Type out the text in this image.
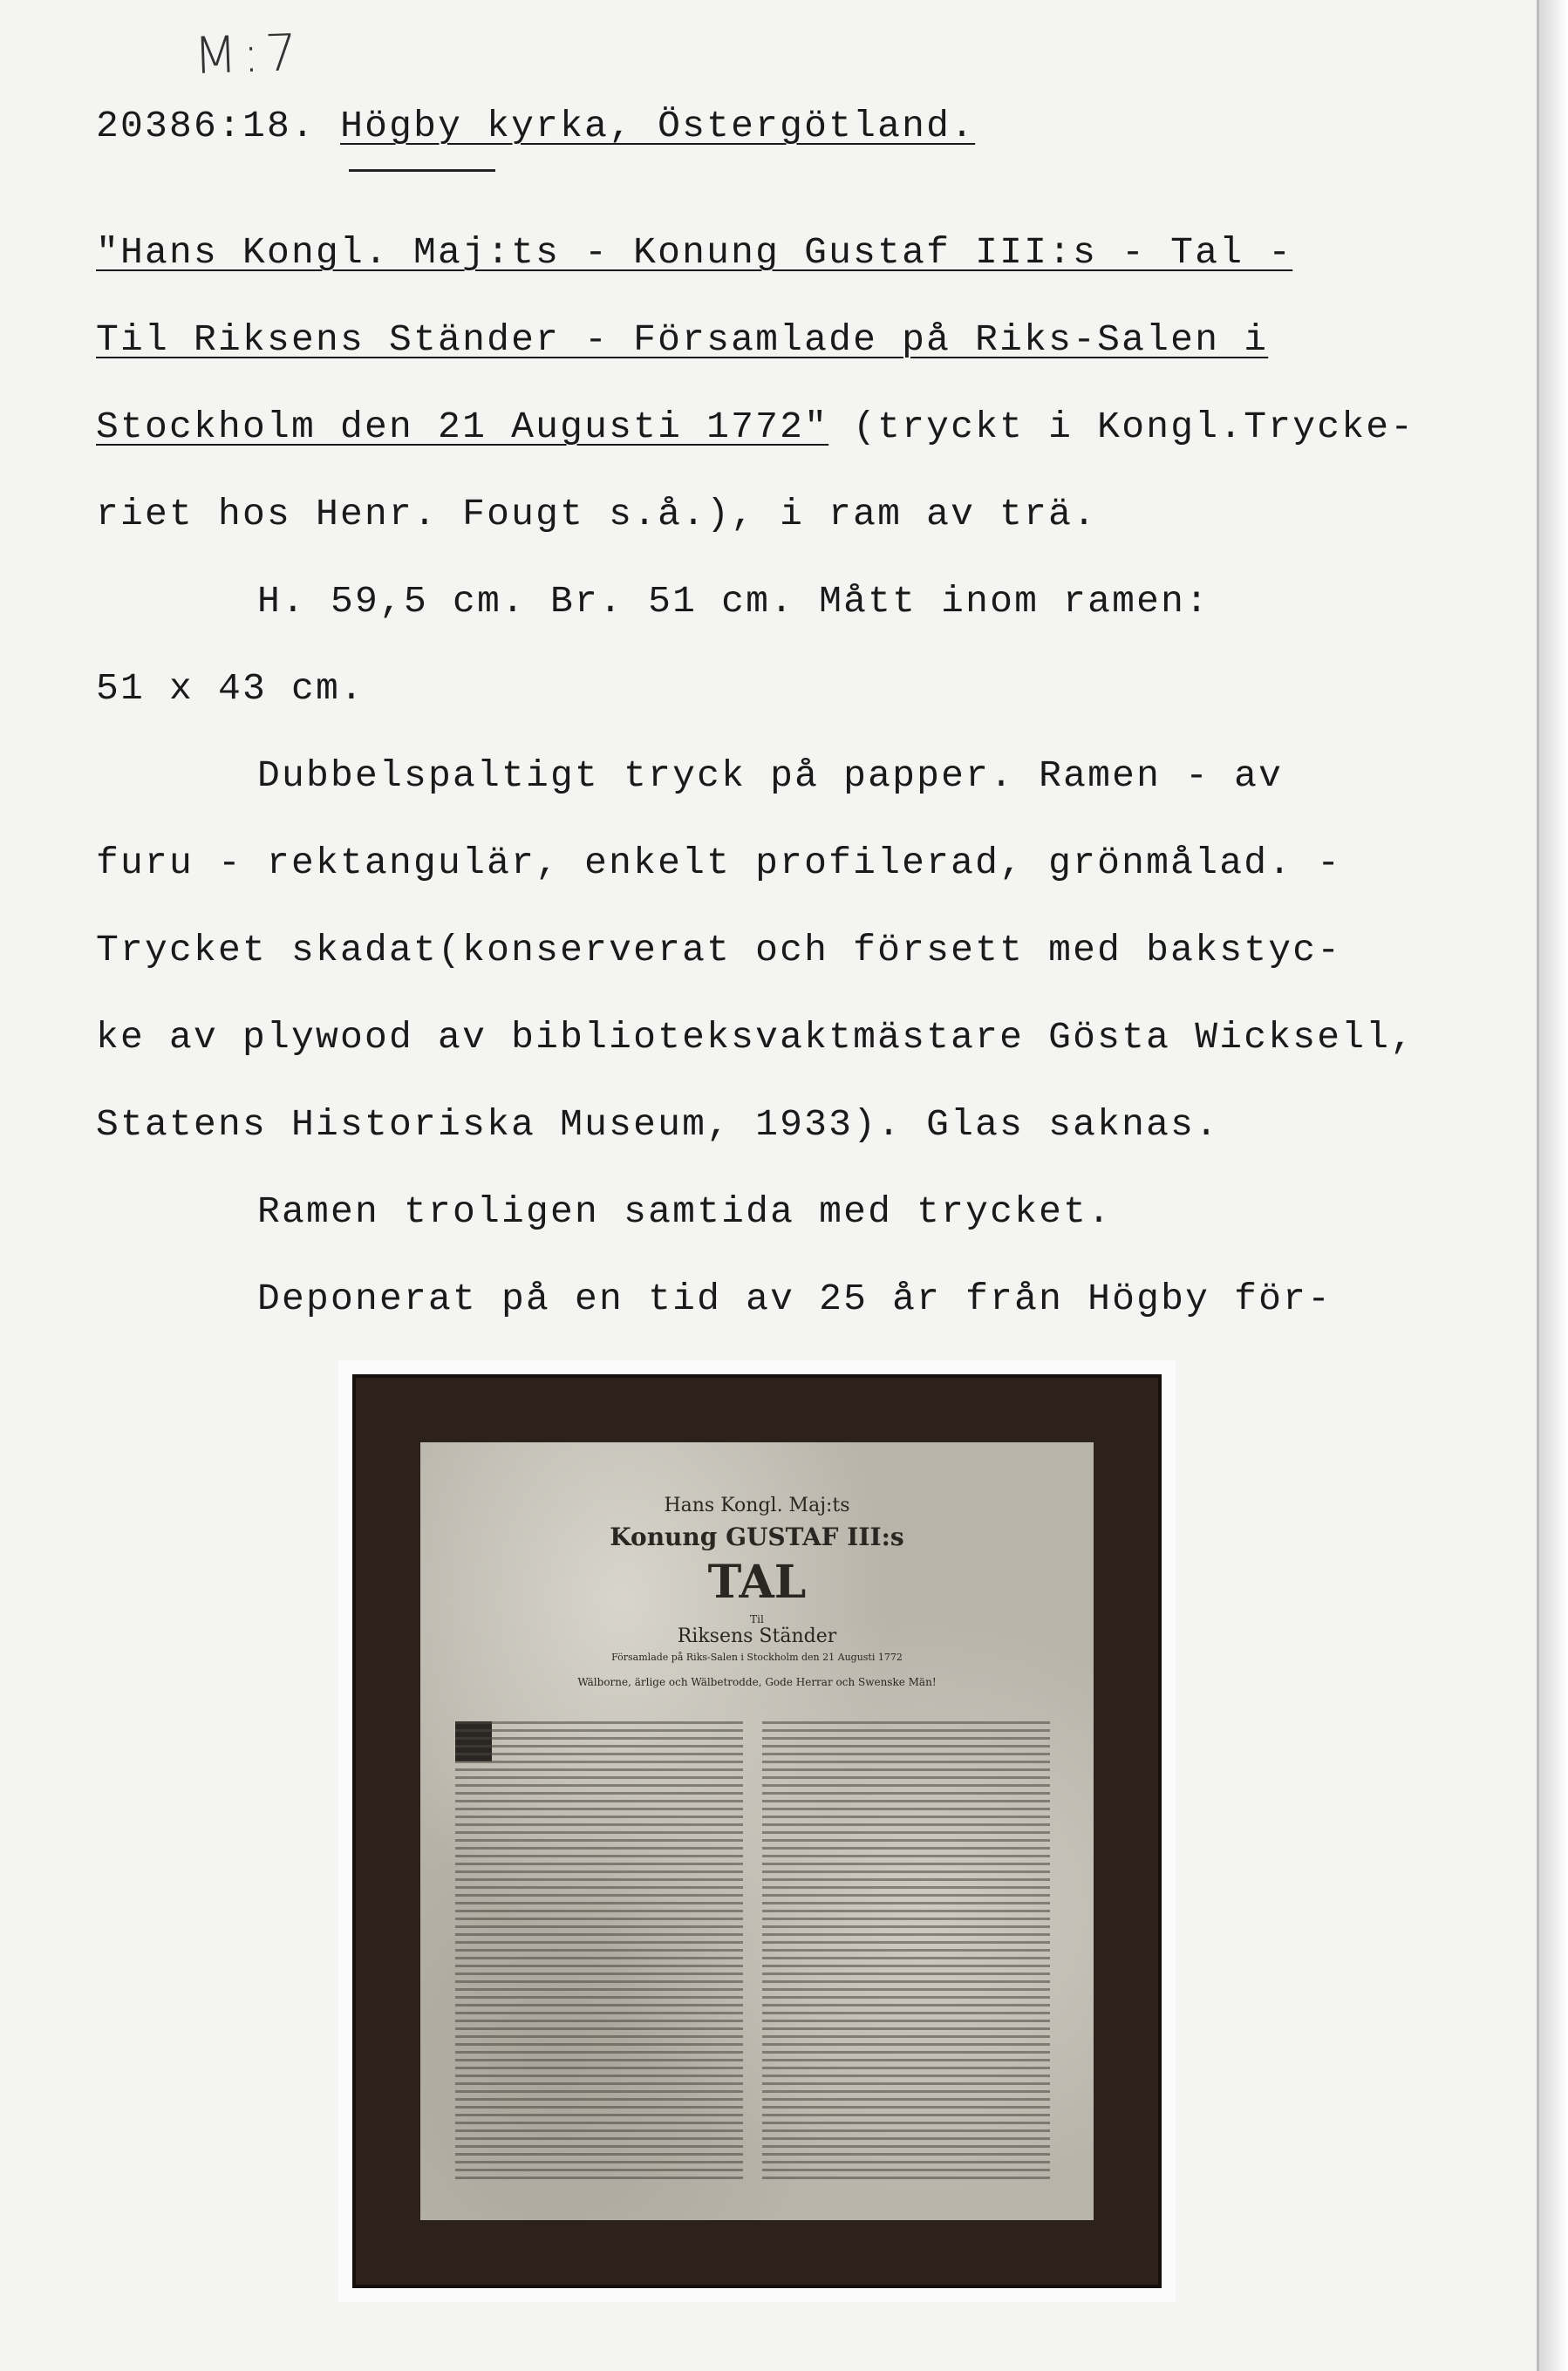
M:7
20386:18. Högby kyrka, Östergötland.
"Hans Kongl. Maj:ts - Konung Gustaf III:s - Tal -
Til Riksens Ständer - Församlade på Riks-Salen i
Stockholm den 21 Augusti 1772" (tryckt i Kongl.Trycke-
riet hos Henr. Fougt s.å.), i ram av trä.
H. 59,5 cm. Br. 51 cm. Mått inom ramen:
51 x 43 cm.
Dubbelspaltigt tryck på papper. Ramen - av
furu - rektangulär, enkelt profilerad, grönmålad. -
Trycket skadat(konserverat och försett med bakstyc-
ke av plywood av biblioteksvaktmästare Gösta Wicksell,
Statens Historiska Museum, 1933). Glas saknas.
Ramen troligen samtida med trycket.
Deponerat på en tid av 25 år från Högby för-
Hans Kongl. Maj:ts
Konung GUSTAF III:s
TAL
Til
Riksens Ständer
Församlade på Riks-Salen i Stockholm den 21 Augusti 1772
Wälborne, ärlige och Wälbetrodde, Gode Herrar och Swenske Män!
